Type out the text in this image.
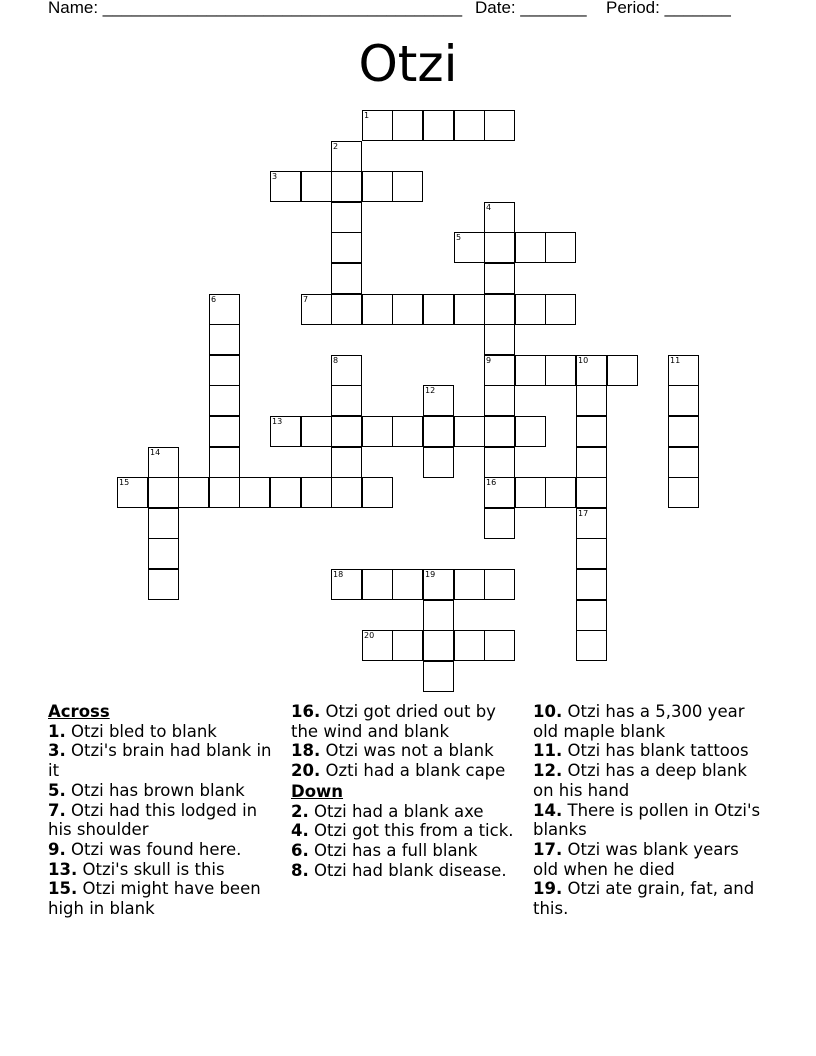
Name: ______________________________________ Date: _______ Period: _______
Otzi
1
2
3
4
9
16
5
6	7
8	10	11
12
13
14
15
17
18	19
20
Across
1. Otzi bled to blank
3. Otzi's brain had blank in it
5. Otzi has brown blank
7. Otzi had this lodged in his shoulder
9. Otzi was found here.
13. Otzi's skull is this
15. Otzi might have been high in blank
16. Otzi got dried out by the wind and blank
18. Otzi was not a blank
20. Ozti had a blank cape
Down
2. Otzi had a blank axe
4. Otzi got this from a tick.
6. Otzi has a full blank
8. Otzi had blank disease.
10. Otzi has a 5,300 year old maple blank
11. Otzi has blank tattoos
12. Otzi has a deep blank on his hand
14. There is pollen in Otzi's blanks
17. Otzi was blank years old when he died
19. Otzi ate grain, fat, and this.
